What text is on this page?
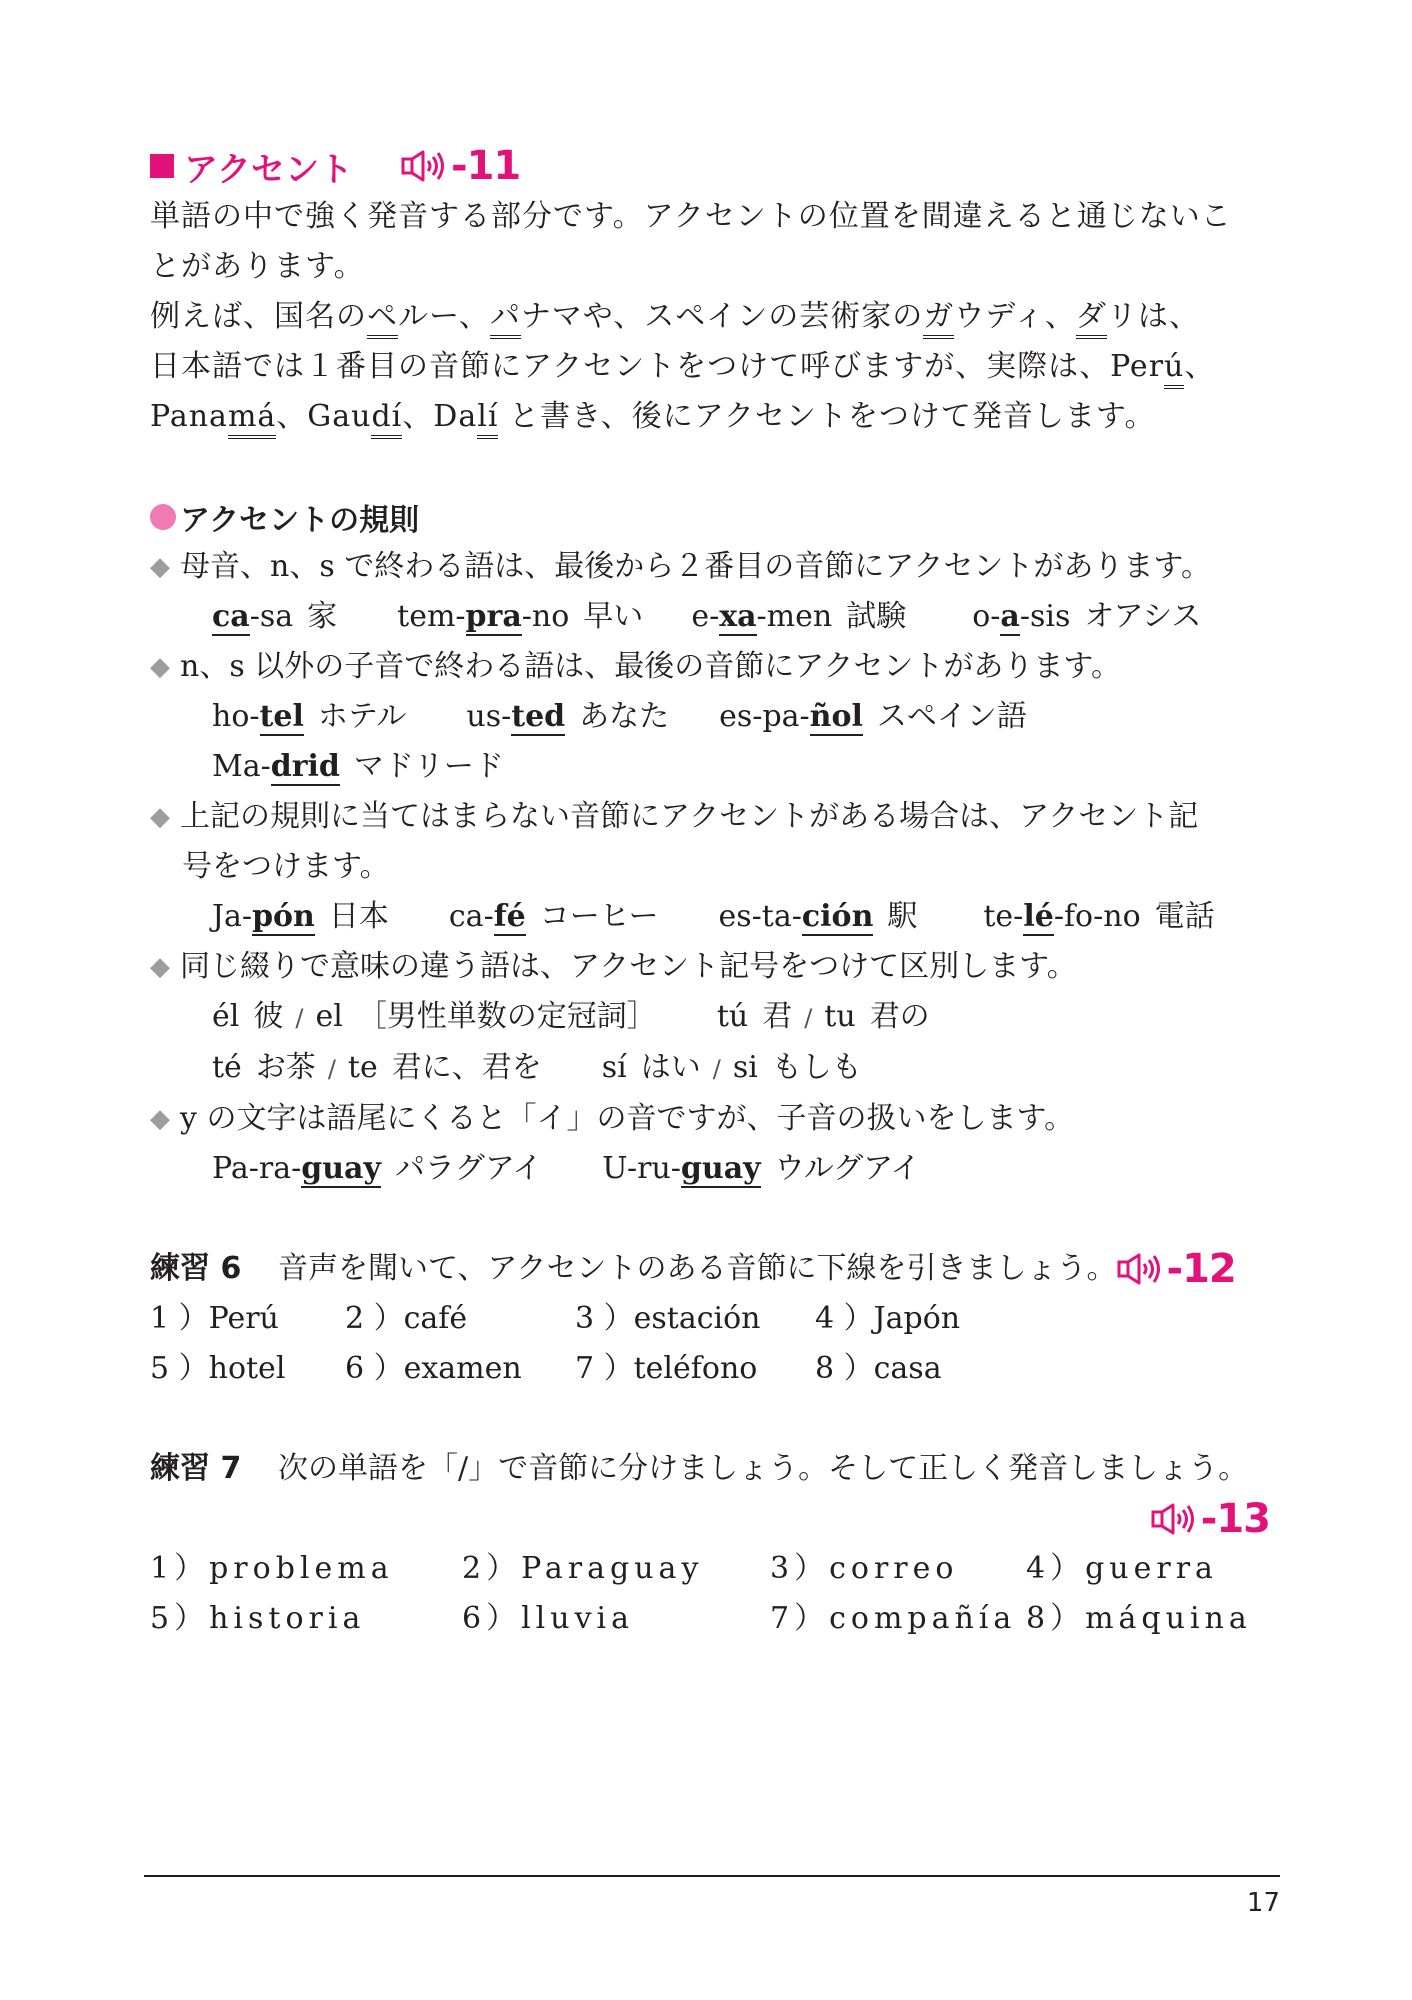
アクセント -11

単語の中で強く発音する部分です。アクセントの位置を間違えると通じないこ

とがあります。

例えば、国名のペルー、パナマや、スペインの芸術家のガウディ、ダリは、

日本語では１番目の音節にアクセントをつけて呼びますが、実際は、Perú、

Panamá、Gaudí、Dalí と書き、後にアクセントをつけて発音します。

アクセントの規則
◆ 母音、n、s で終わる語は、最後から２番目の音節にアクセントがあります。
ca-sa 家 tem-pra-no 早い e-xa-men 試験 o-a-sis オアシス
◆ n、s 以外の子音で終わる語は、最後の音節にアクセントがあります。
ho-tel ホテル us-ted あなた es-pa-ñol スペイン語
Ma-drid マドリード
◆ 上記の規則に当てはまらない音節にアクセントがある場合は、アクセント記
号をつけます。
Ja-pón 日本 ca-fé コーヒー es-ta-ción 駅 te-lé-fo-no 電話
◆ 同じ綴りで意味の違う語は、アクセント記号をつけて区別します。
él 彼 / el ［男性単数の定冠詞］ tú 君 / tu 君の
té お茶 / te 君に、君を sí はい / si もしも
◆ y の文字は語尾にくると「イ」の音ですが、子音の扱いをします。
Pa-ra-guay パラグアイ U-ru-guay ウルグアイ
練習 6	音声を聞いて、アクセントのある音節に下線を引きましょう。 -12
1 ）Perú	2 ）café	3 ）estación	4 ）Japón
5 ）hotel	6 ）examen	7 ）teléfono	8 ）casa
練習 7	次の単語を「/」で音節に分けましょう。そして正しく発音しましょう。
-13
1）problema	2）Paraguay	3）correo	4）guerra
5）historia	6）lluvia	7）compañía 8）máquina
17
